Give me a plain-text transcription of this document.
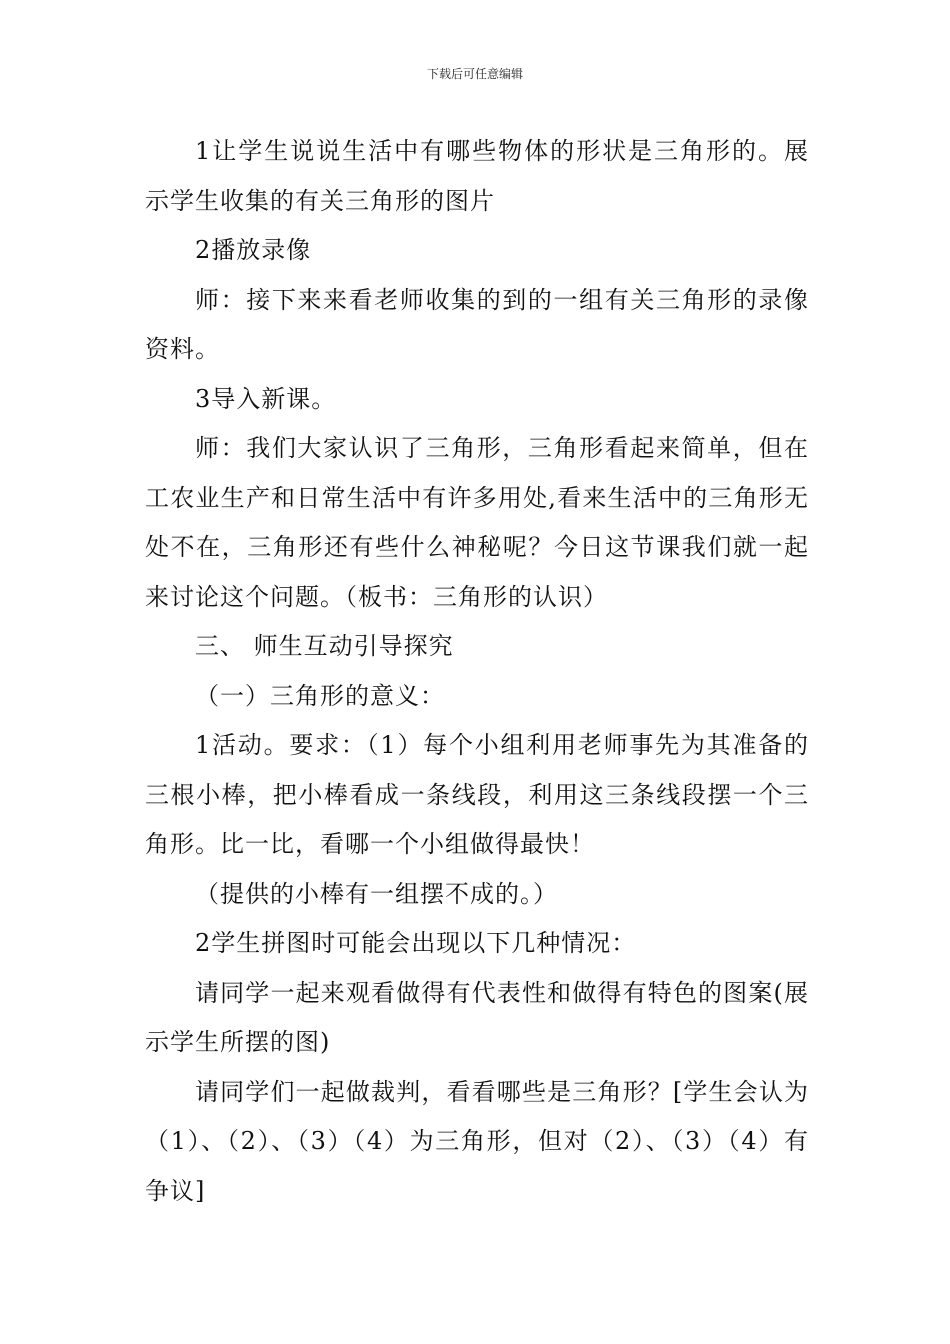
下载后可任意编辑

1让学生说说生活中有哪些物体的形状是三角形的。展示学生收集的有关三角形的图片

2播放录像

师：接下来来看老师收集的到的一组有关三角形的录像资料。

3导入新课。

师：我们大家认识了三角形，三角形看起来简单，但在工农业生产和日常生活中有许多用处,看来生活中的三角形无处不在，三角形还有些什么神秘呢？今日这节课我们就一起来讨论这个问题。（板书：三角形的认识）

三、 师生互动引导探究

（一）三角形的意义：

1活动。要求：（1）每个小组利用老师事先为其准备的三根小棒，把小棒看成一条线段，利用这三条线段摆一个三角形。比一比，看哪一个小组做得最快！

（提供的小棒有一组摆不成的。）

2学生拼图时可能会出现以下几种情况：

请同学一起来观看做得有代表性和做得有特色的图案(展示学生所摆的图)

请同学们一起做裁判，看看哪些是三角形？[学生会认为（1）、（2）、（3）（4）为三角形，但对（2）、（3）（4）有争议]
